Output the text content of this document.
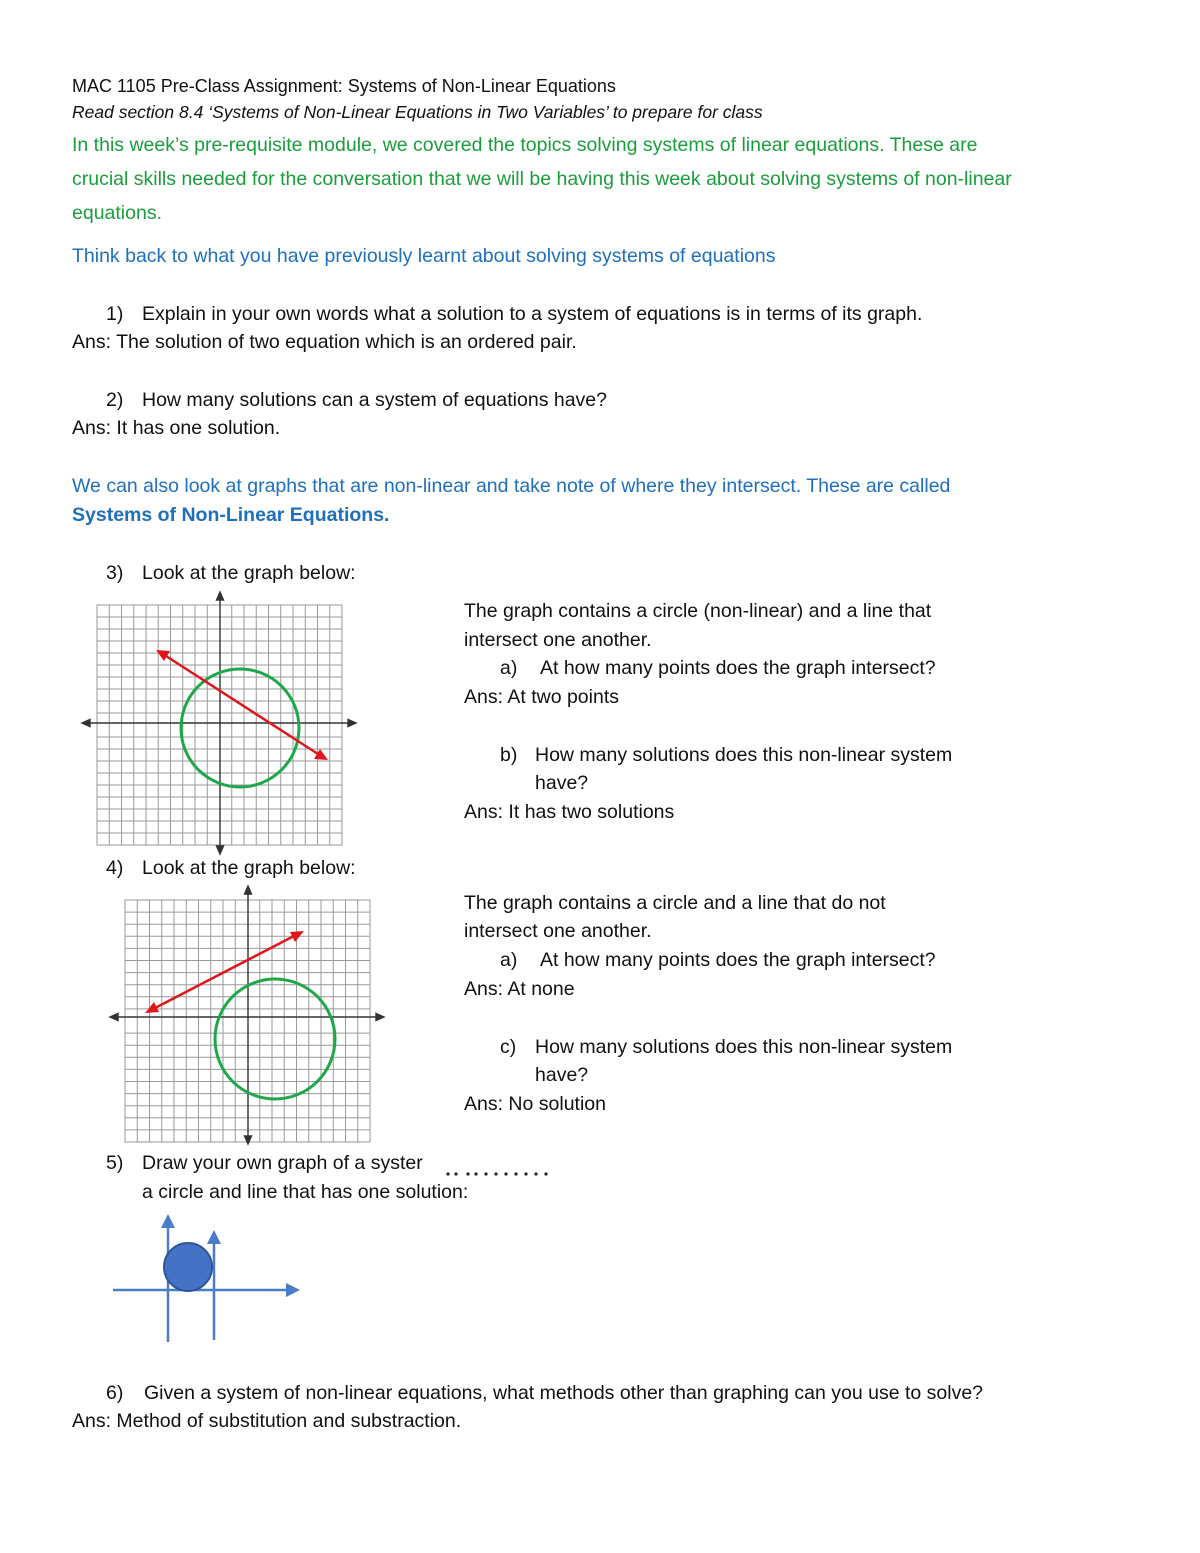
MAC 1105 Pre-Class Assignment: Systems of Non-Linear Equations
Read section 8.4 ‘Systems of Non-Linear Equations in Two Variables’ to prepare for class
In this week’s pre-requisite module, we covered the topics solving systems of linear equations. These are
crucial skills needed for the conversation that we will be having this week about solving systems of non-linear
equations.
Think back to what you have previously learnt about solving systems of equations
1) Explain in your own words what a solution to a system of equations is in terms of its graph.
Ans: The solution of two equation which is an ordered pair.
2) How many solutions can a system of equations have?
Ans: It has one solution.
We can also look at graphs that are non-linear and take note of where they intersect. These are called
Systems of Non-Linear Equations.
3) Look at the graph below:
The graph contains a circle (non-linear) and a line that
intersect one another.
a) At how many points does the graph intersect?
Ans: At two points
b) How many solutions does this non-linear system
have?
Ans: It has two solutions
4) Look at the graph below:
The graph contains a circle and a line that do not
intersect one another.
a) At how many points does the graph intersect?
Ans: At none
c) How many solutions does this non-linear system
have?
Ans: No solution
5) Draw your own graph of a syster
a circle and line that has one solution:
6) Given a system of non-linear equations, what methods other than graphing can you use to solve?
Ans: Method of substitution and substraction.
